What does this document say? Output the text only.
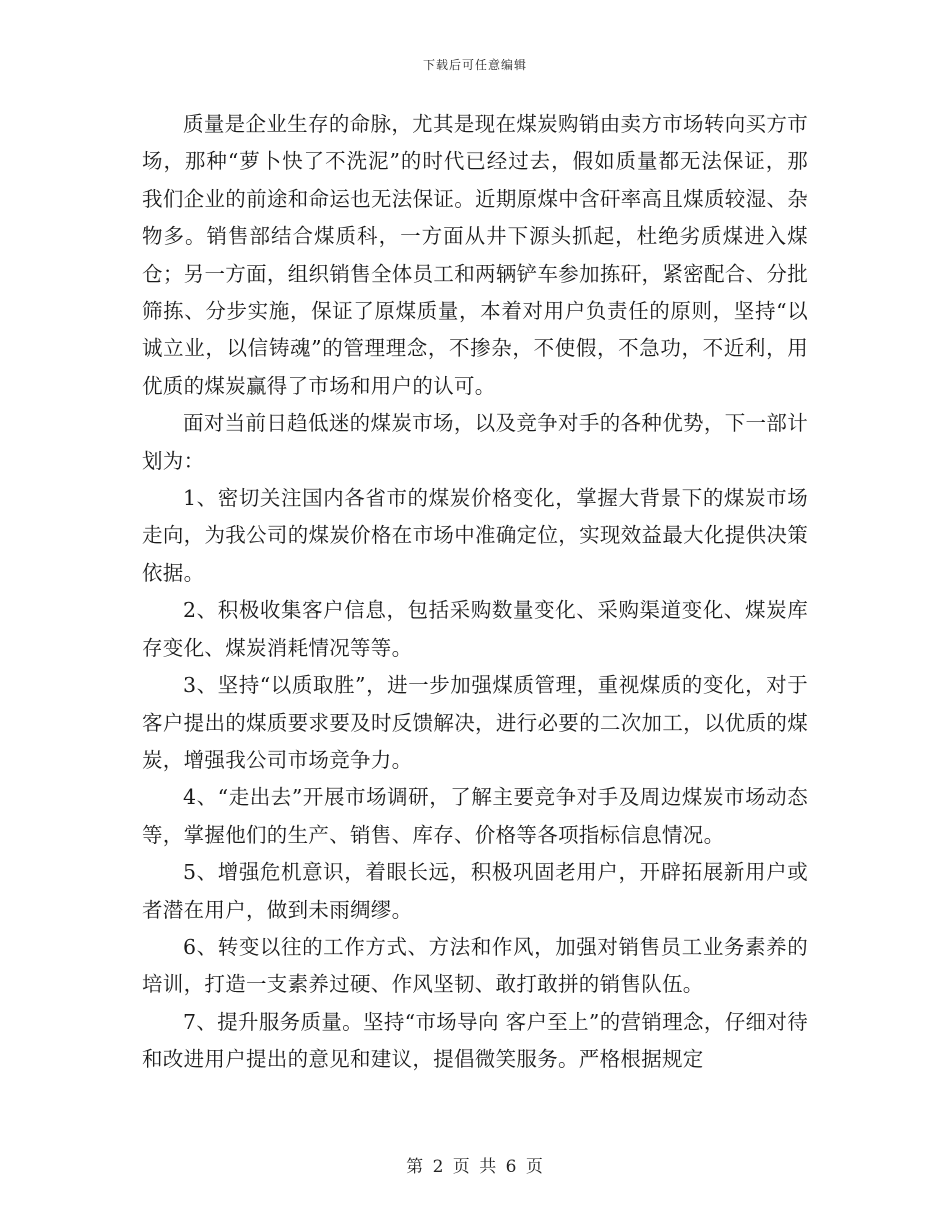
下载后可任意编辑

质量是企业生存的命脉，尤其是现在煤炭购销由卖方市场转向买方市场，那种“萝卜快了不洗泥”的时代已经过去，假如质量都无法保证，那我们企业的前途和命运也无法保证。近期原煤中含矸率高且煤质较湿、杂物多。销售部结合煤质科，一方面从井下源头抓起，杜绝劣质煤进入煤仓；另一方面，组织销售全体员工和两辆铲车参加拣矸，紧密配合、分批筛拣、分步实施，保证了原煤质量，本着对用户负责任的原则，坚持“以诚立业，以信铸魂”的管理理念，不掺杂，不使假，不急功，不近利，用优质的煤炭赢得了市场和用户的认可。

面对当前日趋低迷的煤炭市场，以及竞争对手的各种优势，下一部计划为：

1、密切关注国内各省市的煤炭价格变化，掌握大背景下的煤炭市场走向，为我公司的煤炭价格在市场中准确定位，实现效益最大化提供决策依据。

2、积极收集客户信息，包括采购数量变化、采购渠道变化、煤炭库存变化、煤炭消耗情况等等。

3、坚持“以质取胜”，进一步加强煤质管理，重视煤质的变化，对于客户提出的煤质要求要及时反馈解决，进行必要的二次加工，以优质的煤炭，增强我公司市场竞争力。

4、“走出去”开展市场调研，了解主要竞争对手及周边煤炭市场动态等，掌握他们的生产、销售、库存、价格等各项指标信息情况。

5、增强危机意识，着眼长远，积极巩固老用户，开辟拓展新用户或者潜在用户，做到未雨绸缪。

6、转变以往的工作方式、方法和作风，加强对销售员工业务素养的培训，打造一支素养过硬、作风坚韧、敢打敢拼的销售队伍。

7、提升服务质量。坚持“市场导向 客户至上”的营销理念，仔细对待和改进用户提出的意见和建议，提倡微笑服务。严格根据规定

第 2 页 共 6 页
